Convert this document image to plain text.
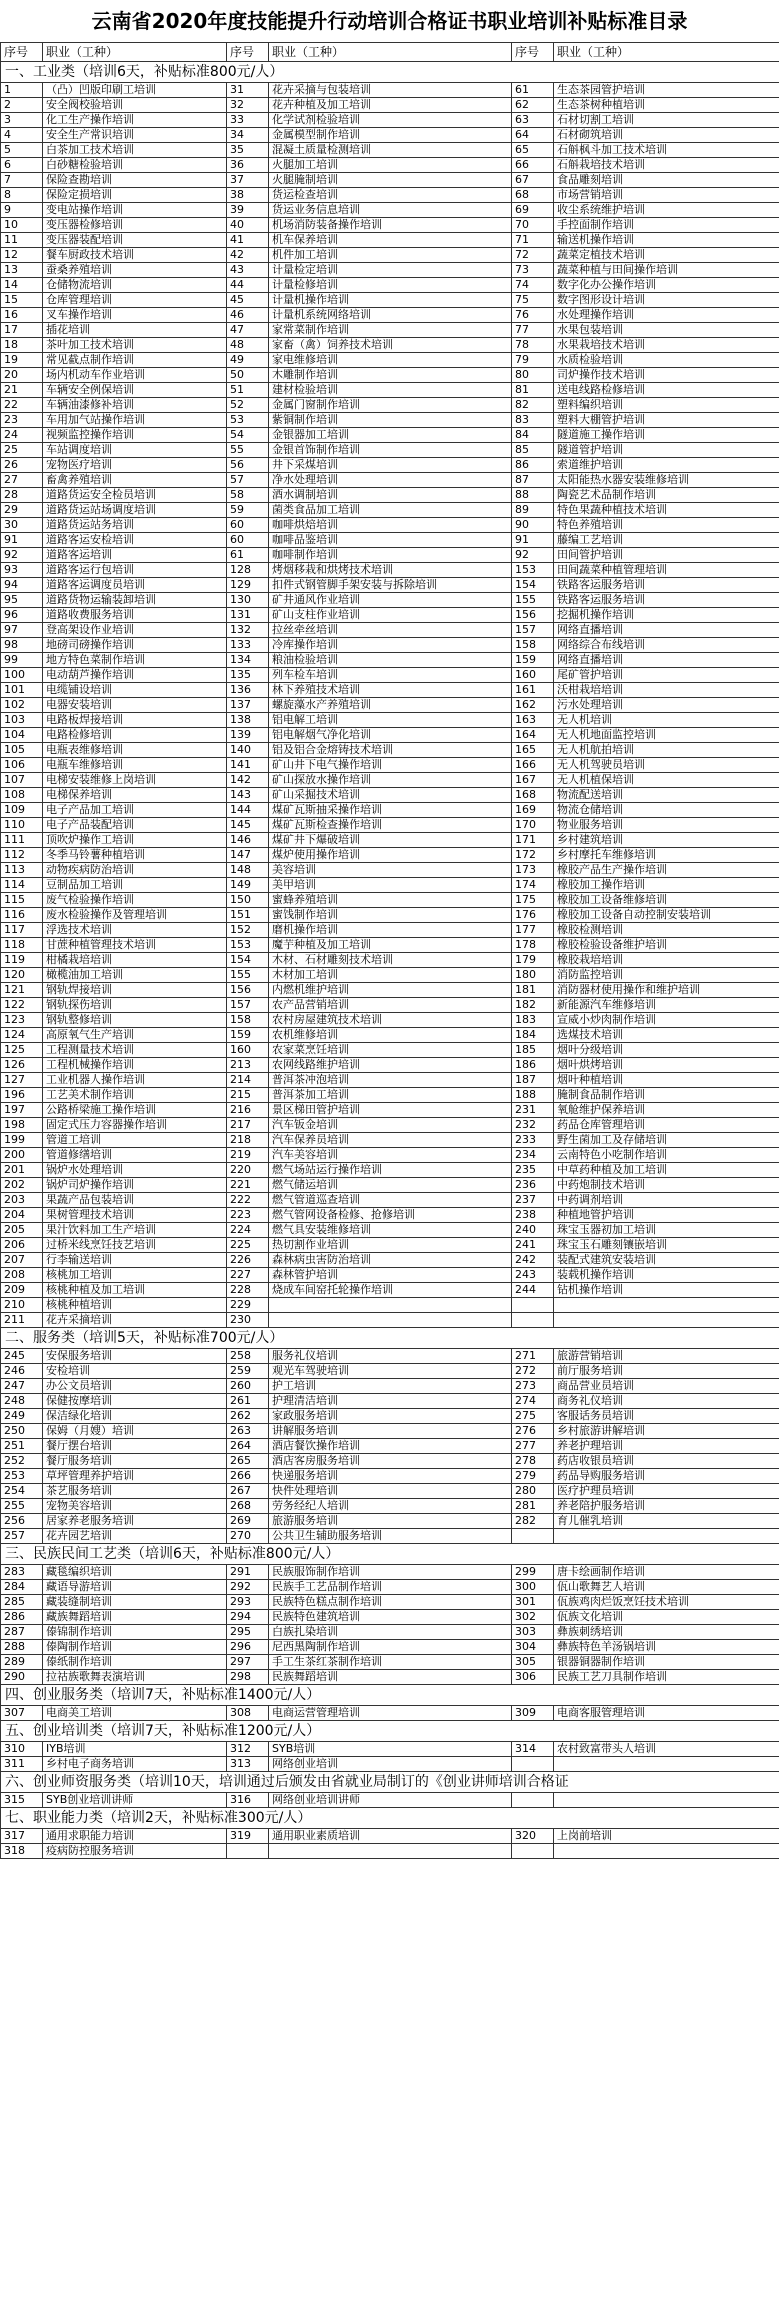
云南省2020年度技能提升行动培训合格证书职业培训补贴标准目录
序号	职业（工种）	序号	职业（工种）	序号	职业（工种）
一、工业类（培训6天，补贴标准800元/人）					
1	（凸）凹版印刷工培训	31	花卉采摘与包装培训	61	生态茶园管护培训
2	安全阀校验培训	32	花卉种植及加工培训	62	生态茶树种植培训
3	化工生产操作培训	33	化学试剂检验培训	63	石材切割工培训
4	安全生产常识培训	34	金属模型制作培训	64	石材砌筑培训
5	白茶加工技术培训	35	混凝土质量检测培训	65	石斛枫斗加工技术培训
6	白砂糖检验培训	36	火腿加工培训	66	石斛栽培技术培训
7	保险查勘培训	37	火腿腌制培训	67	食品雕刻培训
8	保险定损培训	38	货运检查培训	68	市场营销培训
9	变电站操作培训	39	货运业务信息培训	69	收尘系统维护培训
10	变压器检修培训	40	机场消防装备操作培训	70	手控面制作培训
11	变压器装配培训	41	机车保养培训	71	输送机操作培训
12	餐车厨政技术培训	42	机件加工培训	72	蔬菜定植技术培训
13	蚕桑养殖培训	43	计量检定培训	73	蔬菜种植与田间操作培训
14	仓储物流培训	44	计量检修培训	74	数字化办公操作培训
15	仓库管理培训	45	计量机操作培训	75	数字图形设计培训
16	叉车操作培训	46	计量机系统网络培训	76	水处理操作培训
17	插花培训	47	家常菜制作培训	77	水果包装培训
18	茶叶加工技术培训	48	家畜（禽）饲养技术培训	78	水果栽培技术培训
19	常见截点制作培训	49	家电维修培训	79	水质检验培训
20	场内机动车作业培训	50	木雕制作培训	80	司炉操作技术培训
21	车辆安全例保培训	51	建材检验培训	81	送电线路检修培训
22	车辆油漆修补培训	52	金属门窗制作培训	82	塑料编织培训
23	车用加气站操作培训	53	紫铜制作培训	83	塑料大棚管护培训
24	视频监控操作培训	54	金银器加工培训	84	隧道施工操作培训
25	车站调度培训	55	金银首饰制作培训	85	隧道管护培训
26	宠物医疗培训	56	井下采煤培训	86	索道维护培训
27	畜禽养殖培训	57	净水处理培训	87	太阳能热水器安装维修培训
28	道路货运安全检员培训	58	酒水调制培训	88	陶瓷艺术品制作培训
29	道路货运站场调度培训	59	菌类食品加工培训	89	特色果蔬种植技术培训
30	道路货运站务培训	60	咖啡烘焙培训	90	特色养殖培训
91	道路客运安检培训	60	咖啡品鉴培训	91	藤编工艺培训
92	道路客运培训	61	咖啡制作培训	92	田间管护培训
93	道路客运行包培训	128	烤烟移栽和烘烤技术培训	153	田间蔬菜种植管理培训
94	道路客运调度员培训	129	扣件式钢管脚手架安装与拆除培训	154	铁路客运服务培训
95	道路货物运输装卸培训	130	矿井通风作业培训	155	铁路客运服务培训
96	道路收费服务培训	131	矿山支柱作业培训	156	挖掘机操作培训
97	登高架设作业培训	132	拉丝牵丝培训	157	网络直播培训
98	地磅司磅操作培训	133	冷库操作培训	158	网络综合布线培训
99	地方特色菜制作培训	134	粮油检验培训	159	网络直播培训
100	电动葫芦操作培训	135	列车检车培训	160	尾矿管护培训
101	电缆铺设培训	136	林下养殖技术培训	161	沃柑栽培培训
102	电器安装培训	137	螺旋藻水产养殖培训	162	污水处理培训
103	电路板焊接培训	138	铝电解工培训	163	无人机培训
104	电路检修培训	139	铝电解烟气净化培训	164	无人机地面监控培训
105	电瓶表维修培训	140	铝及铝合金熔铸技术培训	165	无人机航拍培训
106	电瓶车维修培训	141	矿山井下电气操作培训	166	无人机驾驶员培训
107	电梯安装维修上岗培训	142	矿山探放水操作培训	167	无人机植保培训
108	电梯保养培训	143	矿山采掘技术培训	168	物流配送培训
109	电子产品加工培训	144	煤矿瓦斯抽采操作培训	169	物流仓储培训
110	电子产品装配培训	145	煤矿瓦斯检查操作培训	170	物业服务培训
111	顶吹炉操作工培训	146	煤矿井下爆破培训	171	乡村建筑培训
112	冬季马铃薯种植培训	147	煤炉使用操作培训	172	乡村摩托车维修培训
113	动物疾病防治培训	148	美容培训	173	橡胶产品生产操作培训
114	豆制品加工培训	149	美甲培训	174	橡胶加工操作培训
115	废气检验操作培训	150	蜜蜂养殖培训	175	橡胶加工设备维修培训
116	废水检验操作及管理培训	151	蜜饯制作培训	176	橡胶加工设备自动控制安装培训
117	浮选技术培训	152	磨机操作培训	177	橡胶检测培训
118	甘蔗种植管理技术培训	153	魔芋种植及加工培训	178	橡胶检验设备维护培训
119	柑橘栽培培训	154	木材、石材雕刻技术培训	179	橡胶栽培培训
120	橄榄油加工培训	155	木材加工培训	180	消防监控培训
121	钢轨焊接培训	156	内燃机维护培训	181	消防器材使用操作和维护培训
122	钢轨探伤培训	157	农产品营销培训	182	新能源汽车维修培训
123	钢轨整修培训	158	农村房屋建筑技术培训	183	宣威小炒肉制作培训
124	高原氧气生产培训	159	农机维修培训	184	选煤技术培训
125	工程测量技术培训	160	农家菜烹饪培训	185	烟叶分级培训
126	工程机械操作培训	213	农网线路维护培训	186	烟叶烘烤培训
127	工业机器人操作培训	214	普洱茶冲泡培训	187	烟叶种植培训
196	工艺美术制作培训	215	普洱茶加工培训	188	腌制食品制作培训
197	公路桥梁施工操作培训	216	景区梯田管护培训	231	氧舱维护保养培训
198	固定式压力容器操作培训	217	汽车钣金培训	232	药品仓库管理培训
199	管道工培训	218	汽车保养员培训	233	野生菌加工及存储培训
200	管道修缮培训	219	汽车美容培训	234	云南特色小吃制作培训
201	锅炉水处理培训	220	燃气场站运行操作培训	235	中草药种植及加工培训
202	锅炉司炉操作培训	221	燃气储运培训	236	中药炮制技术培训
203	果蔬产品包装培训	222	燃气管道巡查培训	237	中药调剂培训
204	果树管理技术培训	223	燃气管网设备检修、抢修培训	238	种植地管护培训
205	果汁饮料加工生产培训	224	燃气具安装维修培训	240	珠宝玉器初加工培训
206	过桥米线烹饪技艺培训	225	热切割作业培训	241	珠宝玉石雕刻镶嵌培训
207	行李输送培训	226	森林病虫害防治培训	242	装配式建筑安装培训
208	核桃加工培训	227	森林管护培训	243	装载机操作培训
209	核桃种植及加工培训	228	烧成车间窑托轮操作培训	244	钻机操作培训
210	核桃种植培训	229			
211	花卉采摘培训	230			
二、服务类（培训5天，补贴标准700元/人）					
245	安保服务培训	258	服务礼仪培训	271	旅游营销培训
246	安检培训	259	观光车驾驶培训	272	前厅服务培训
247	办公文员培训	260	护工培训	273	商品营业员培训
248	保健按摩培训	261	护理清洁培训	274	商务礼仪培训
249	保洁绿化培训	262	家政服务培训	275	客服话务员培训
250	保姆（月嫂）培训	263	讲解服务培训	276	乡村旅游讲解培训
251	餐厅摆台培训	264	酒店餐饮操作培训	277	养老护理培训
252	餐厅服务培训	265	酒店客房服务培训	278	药店收银员培训
253	草坪管理养护培训	266	快递服务培训	279	药品导购服务培训
254	茶艺服务培训	267	快件处理培训	280	医疗护理员培训
255	宠物美容培训	268	劳务经纪人培训	281	养老陪护服务培训
256	居家养老服务培训	269	旅游服务培训	282	育儿催乳培训
257	花卉园艺培训	270	公共卫生辅助服务培训		
三、民族民间工艺类（培训6天，补贴标准800元/人）					
283	藏毯编织培训	291	民族服饰制作培训	299	唐卡绘画制作培训
284	藏语导游培训	292	民族手工艺品制作培训	300	佤山歌舞艺人培训
285	藏装缝制培训	293	民族特色糕点制作培训	301	佤族鸡肉烂饭烹饪技术培训
286	藏族舞蹈培训	294	民族特色建筑培训	302	佤族文化培训
287	傣锦制作培训	295	白族扎染培训	303	彝族刺绣培训
288	傣陶制作培训	296	尼西黑陶制作培训	304	彝族特色羊汤锅培训
289	傣纸制作培训	297	手工生茶红茶制作培训	305	银器铜器制作培训
290	拉祜族歌舞表演培训	298	民族舞蹈培训	306	民族工艺刀具制作培训
四、创业服务类（培训7天，补贴标准1400元/人）					
307	电商美工培训	308	电商运营管理培训	309	电商客服管理培训
五、创业培训类（培训7天，补贴标准1200元/人）					
310	IYB培训	312	SYB培训	314	农村致富带头人培训
311	乡村电子商务培训	313	网络创业培训		
六、创业师资服务类（培训10天，培训通过后颁发由省就业局制订的《创业讲师培训合格证					
315	SYB创业培训讲师	316	网络创业培训讲师		
七、职业能力类（培训2天，补贴标准300元/人）					
317	通用求职能力培训	319	通用职业素质培训	320	上岗前培训
318	疫病防控服务培训				
